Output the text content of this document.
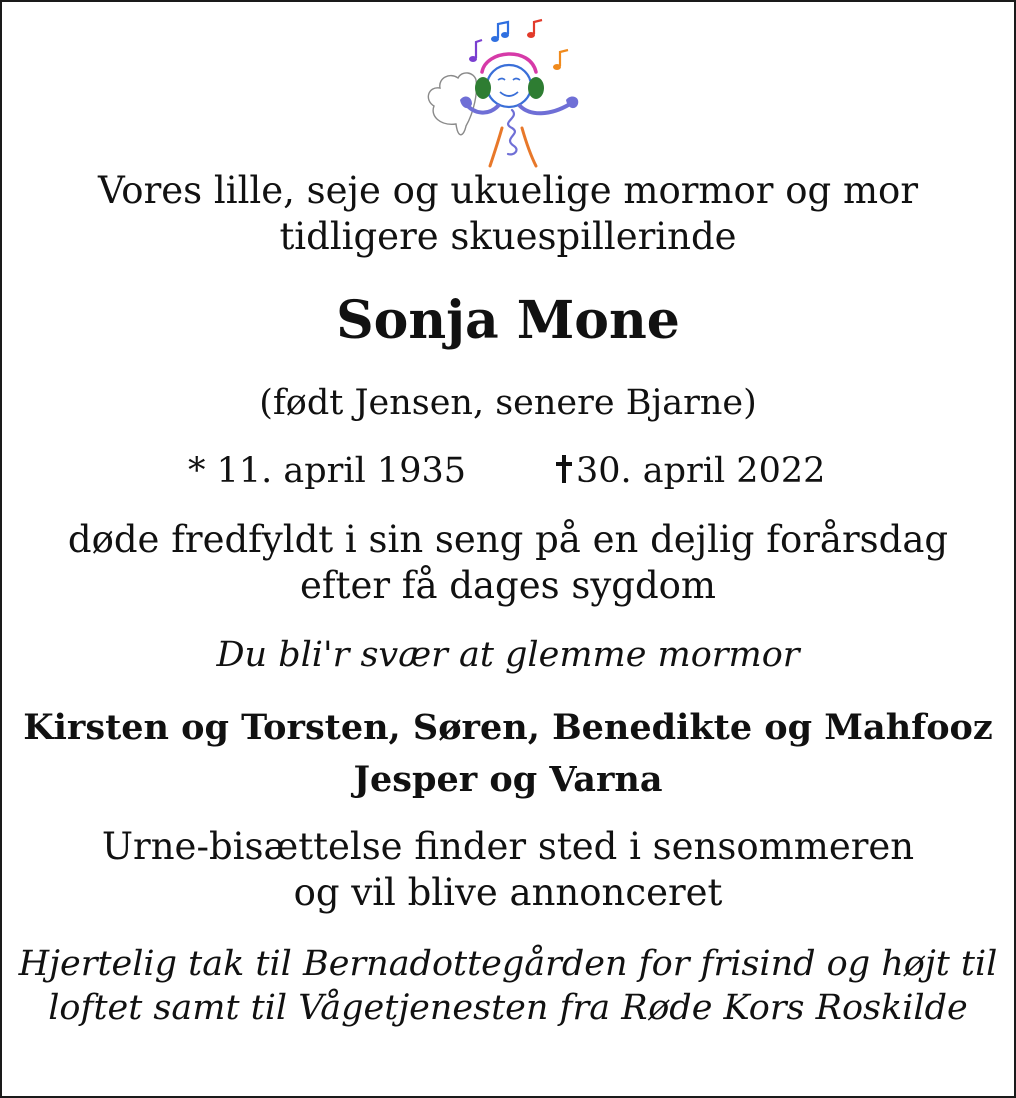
Vores lille, seje og ukuelige mormor og mor
tidligere skuespillerinde

Sonja Mone

(født Jensen, senere Bjarne)

* 11. april 1935	30. april 2022

døde fredfyldt i sin seng på en dejlig forårsdag
efter få dages sygdom

Du bli'r svær at glemme mormor

Kirsten og Torsten, Søren, Benedikte og Mahfooz
Jesper og Varna

Urne-bisættelse finder sted i sensommeren
og vil blive annonceret

Hjertelig tak til Bernadottegården for frisind og højt til
loftet samt til Vågetjenesten fra Røde Kors Roskilde
